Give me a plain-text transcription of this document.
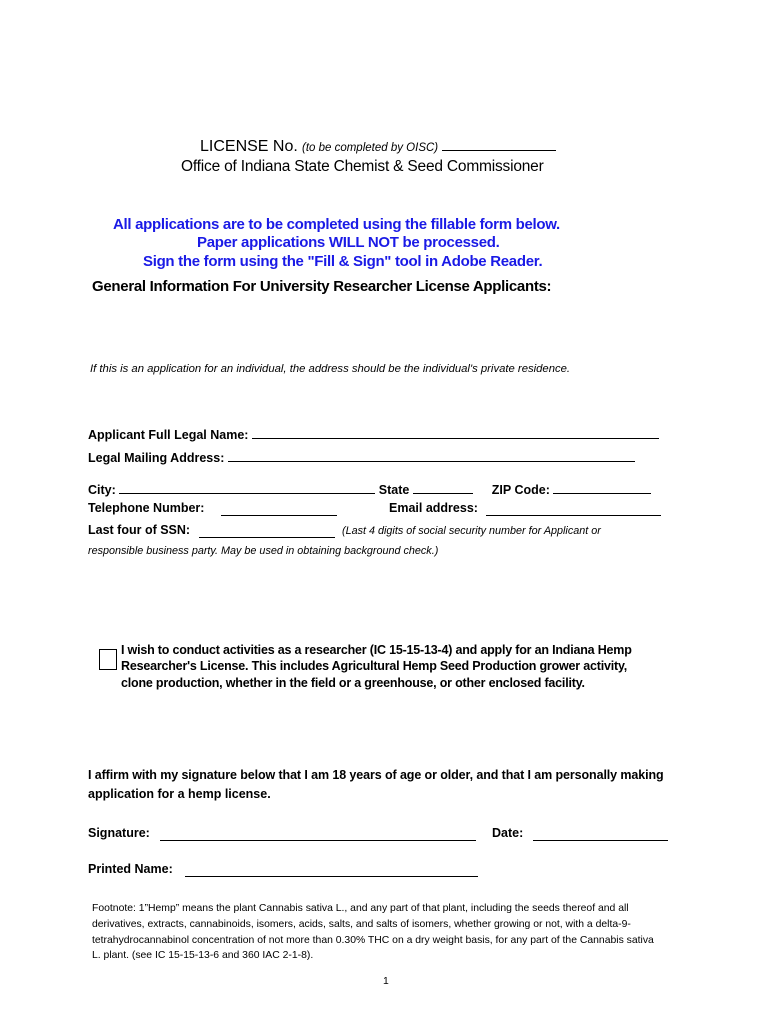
LICENSE No. (to be completed by OISC)
Office of Indiana State Chemist & Seed Commissioner
All applications are to be completed using the fillable form below.
Paper applications WILL NOT be processed.
Sign the form using the "Fill & Sign" tool in Adobe Reader.
General Information For University Researcher License Applicants:
If this is an application for an individual, the address should be the individual's private residence.
Applicant Full Legal Name:
Legal Mailing Address:
City:	State	ZIP Code:
Telephone Number:	Email address:
Last four of SSN:	(Last 4 digits of social security number for Applicant or
responsible business party. May be used in obtaining background check.)
I wish to conduct activities as a researcher (IC 15-15-13-4) and apply for an Indiana Hemp
Researcher's License. This includes Agricultural Hemp Seed Production grower activity,
clone production, whether in the field or a greenhouse, or other enclosed facility.
I affirm with my signature below that I am 18 years of age or older, and that I am personally making
application for a hemp license.
Signature:	Date:
Printed Name:
Footnote: 1”Hemp” means the plant Cannabis sativa L., and any part of that plant, including the seeds thereof and all
derivatives, extracts, cannabinoids, isomers, acids, salts, and salts of isomers, whether growing or not, with a delta-9-
tetrahydrocannabinol concentration of not more than 0.30% THC on a dry weight basis, for any part of the Cannabis sativa
L. plant. (see IC 15-15-13-6 and 360 IAC 2-1-8).
1
